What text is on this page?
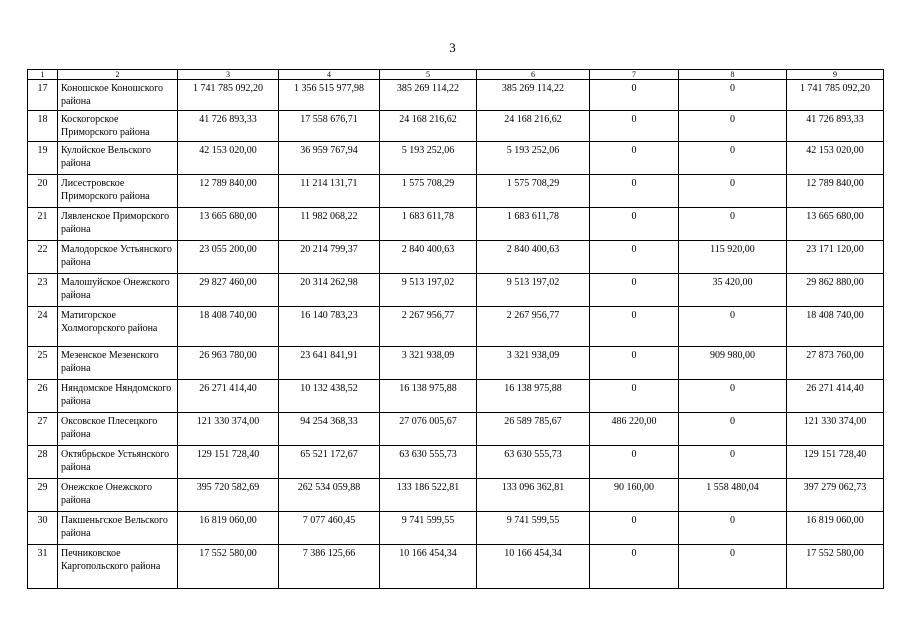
3
1	2	3	4	5	6	7	8	9
17	Коношское Коношского района	1 741 785 092,20	1 356 515 977,98	385 269 114,22	385 269 114,22	0	0	1 741 785 092,20
18	Коскогорское Приморского района	41 726 893,33	17 558 676,71	24 168 216,62	24 168 216,62	0	0	41 726 893,33
19	Кулойское Вельского района	42 153 020,00	36 959 767,94	5 193 252,06	5 193 252,06	0	0	42 153 020,00
20	Лисестровское Приморского района	12 789 840,00	11 214 131,71	1 575 708,29	1 575 708,29	0	0	12 789 840,00
21	Лявленское Приморского района	13 665 680,00	11 982 068,22	1 683 611,78	1 683 611,78	0	0	13 665 680,00
22	Малодорское Устьянского района	23 055 200,00	20 214 799,37	2 840 400,63	2 840 400,63	0	115 920,00	23 171 120,00
23	Малошуйское Онежского района	29 827 460,00	20 314 262,98	9 513 197,02	9 513 197,02	0	35 420,00	29 862 880,00
24	Матигорское Холмогорского района	18 408 740,00	16 140 783,23	2 267 956,77	2 267 956,77	0	0	18 408 740,00
25	Мезенское Мезенского района	26 963 780,00	23 641 841,91	3 321 938,09	3 321 938,09	0	909 980,00	27 873 760,00
26	Няндомское Няндомского района	26 271 414,40	10 132 438,52	16 138 975,88	16 138 975,88	0	0	26 271 414,40
27	Оксовское Плесецкого района	121 330 374,00	94 254 368,33	27 076 005,67	26 589 785,67	486 220,00	0	121 330 374,00
28	Октябрьское Устьянского района	129 151 728,40	65 521 172,67	63 630 555,73	63 630 555,73	0	0	129 151 728,40
29	Онежское Онежского района	395 720 582,69	262 534 059,88	133 186 522,81	133 096 362,81	90 160,00	1 558 480,04	397 279 062,73
30	Пакшеньгское Вельского района	16 819 060,00	7 077 460,45	9 741 599,55	9 741 599,55	0	0	16 819 060,00
31	Печниковское Каргопольского района	17 552 580,00	7 386 125,66	10 166 454,34	10 166 454,34	0	0	17 552 580,00
